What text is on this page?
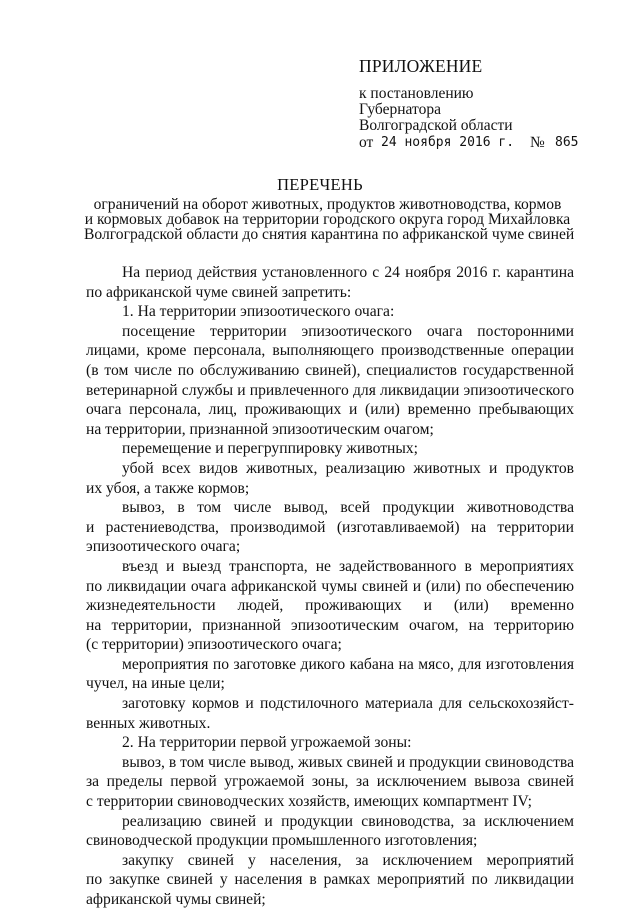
ПРИЛОЖЕНИЕ
к постановлению
Губернатора
Волгоградской области
от 24 ноября 2016 г. № 865
ПЕРЕЧЕНЬ
ограничений на оборот животных, продуктов животноводства, кормов
и кормовых добавок на территории городского округа город Михайловка
Волгоградской области до снятия карантина по африканской чуме свиней
На период действия установленного с 24 ноября 2016 г. карантина
по африканской чуме свиней запретить:
1. На территории эпизоотического очага:
посещение территории эпизоотического очага посторонними
лицами, кроме персонала, выполняющего производственные операции
(в том числе по обслуживанию свиней), специалистов государственной
ветеринарной службы и привлеченного для ликвидации эпизоотического
очага персонала, лиц, проживающих и (или) временно пребывающих
на территории, признанной эпизоотическим очагом;
перемещение и перегруппировку животных;
убой всех видов животных, реализацию животных и продуктов
их убоя, а также кормов;
вывоз, в том числе вывод, всей продукции животноводства
и растениеводства, производимой (изготавливаемой) на территории
эпизоотического очага;
въезд и выезд транспорта, не задействованного в мероприятиях
по ликвидации очага африканской чумы свиней и (или) по обеспечению
жизнедеятельности людей, проживающих и (или) временно
на территории, признанной эпизоотическим очагом, на территорию
(с территории) эпизоотического очага;
мероприятия по заготовке дикого кабана на мясо, для изготовления
чучел, на иные цели;
заготовку кормов и подстилочного материала для сельскохозяйст-
венных животных.
2. На территории первой угрожаемой зоны:
вывоз, в том числе вывод, живых свиней и продукции свиноводства
за пределы первой угрожаемой зоны, за исключением вывоза свиней
с территории свиноводческих хозяйств, имеющих компартмент IV;
реализацию свиней и продукции свиноводства, за исключением
свиноводческой продукции промышленного изготовления;
закупку свиней у населения, за исключением мероприятий
по закупке свиней у населения в рамках мероприятий по ликвидации
африканской чумы свиней;
